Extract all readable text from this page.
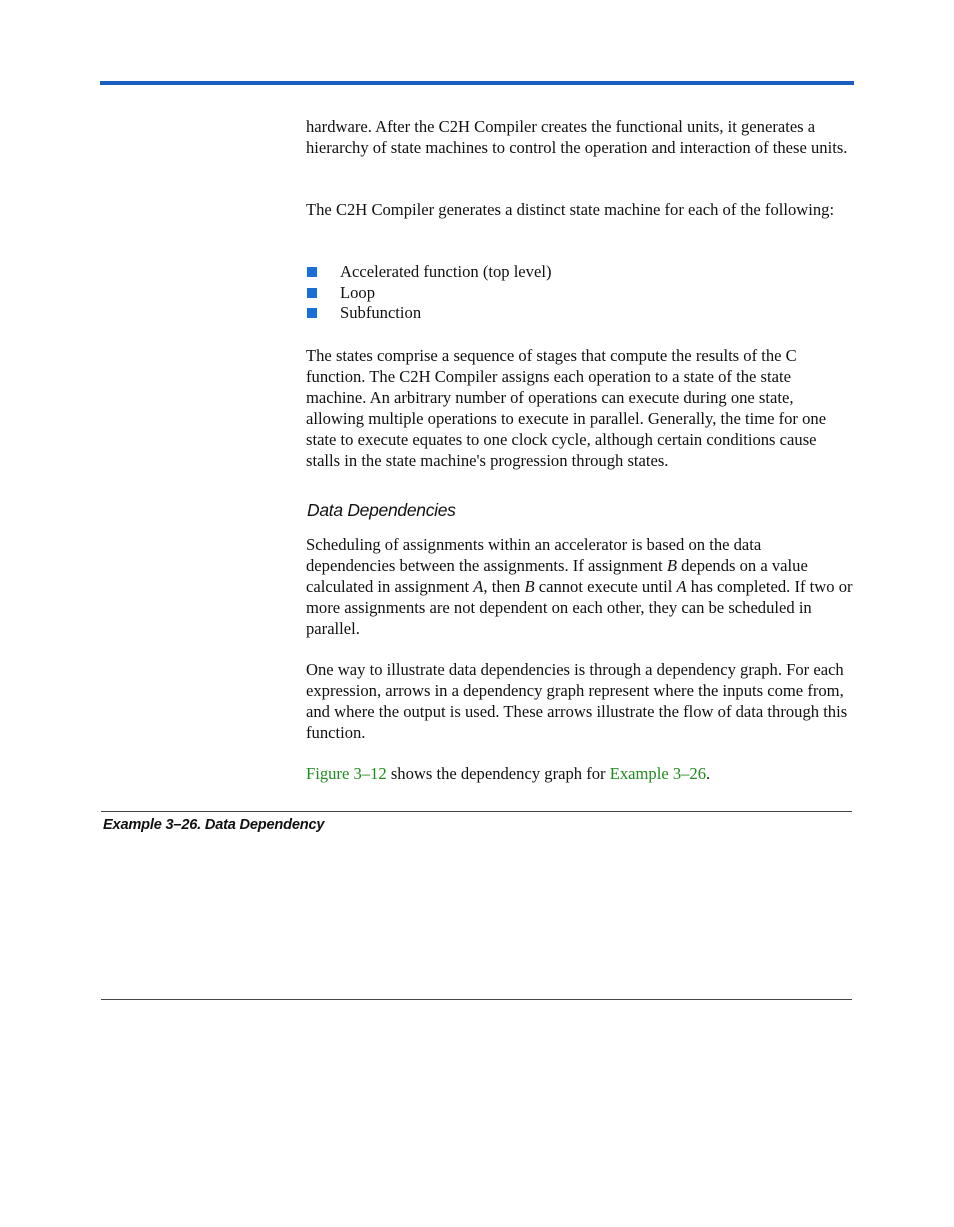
hardware. After the C2H Compiler creates the functional units, it generates a hierarchy of state machines to control the operation and interaction of these units.

The C2H Compiler generates a distinct state machine for each of the following:

Accelerated function (top level)
Loop
Subfunction

The states comprise a sequence of stages that compute the results of the C function. The C2H Compiler assigns each operation to a state of the state machine. An arbitrary number of operations can execute during one state, allowing multiple operations to execute in parallel. Generally, the time for one state to execute equates to one clock cycle, although certain conditions cause stalls in the state machine's progression through states.

Data Dependencies

Scheduling of assignments within an accelerator is based on the data dependencies between the assignments. If assignment B depends on a value calculated in assignment A, then B cannot execute until A has completed. If two or more assignments are not dependent on each other, they can be scheduled in parallel.

One way to illustrate data dependencies is through a dependency graph. For each expression, arrows in a dependency graph represent where the inputs come from, and where the output is used. These arrows illustrate the flow of data through this function.

Figure 3–12 shows the dependency graph for Example 3–26.

Example 3–26. Data Dependency
